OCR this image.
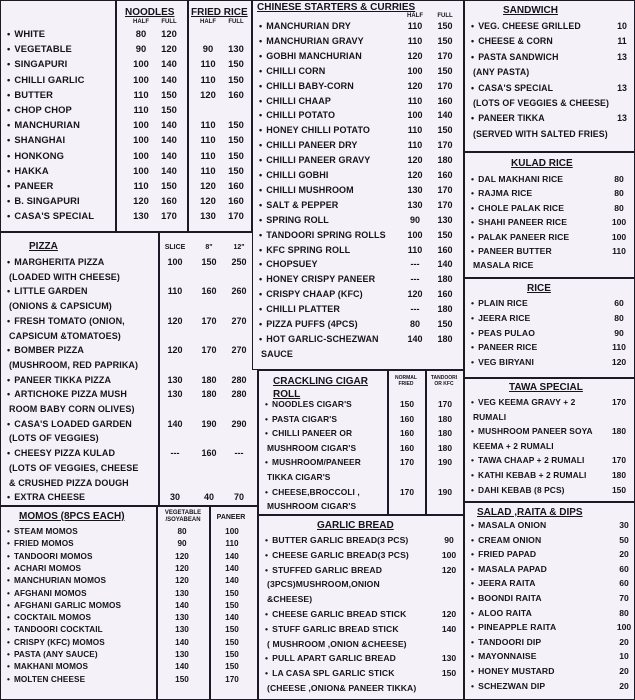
NOODLES FRIED RICE
HALF	FULL	HALF	FULL
• WHITE	80	120
• VEGETABLE	90	120	90	130
• SINGAPURI	100	140	110	150
• CHILLI GARLIC	100	140	110	150
• BUTTER	110	150	120	160
• CHOP CHOP	110	150
• MANCHURIAN	100	140	110	150
• SHANGHAI	100	140	110	150
• HONKONG	100	140	110	150
• HAKKA	100	140	110	150
• PANEER	110	150	120	160
• B. SINGAPURI	120	160	120	160
• CASA'S SPECIAL	130	170	130	170
PIZZA	SLICE	8"	12"
• MARGHERITA PIZZA	100	150	250
(LOADED WITH CHEESE)
• LITTLE GARDEN	110	160	260
(ONIONS & CAPSICUM)
• FRESH TOMATO (ONION,	120	170	270
CAPSICUM &TOMATOES)
• BOMBER PIZZA	120	170	270
(MUSHROOM, RED PAPRIKA)
• PANEER TIKKA PIZZA	130	180	280
• ARTICHOKE PIZZA MUSH	130	180	280
ROOM BABY CORN OLIVES)
• CASA'S LOADED GARDEN	140	190	290
(LOTS OF VEGGIES)
• CHEESY PIZZA KULAD	---	160	---
(LOTS OF VEGGIES, CHEESE
& CRUSHED PIZZA DOUGH
• EXTRA CHEESE	30	40	70
MOMOS (8PCS EACH)	VEGETABLE /SOYABEAN	PANEER
• STEAM MOMOS	80	100
• FRIED MOMOS	90	110
• TANDOORI MOMOS	120	140
• ACHARI MOMOS	120	140
• MANCHURIAN MOMOS	120	140
• AFGHANI MOMOS	130	150
• AFGHANI GARLIC MOMOS	140	150
• COCKTAIL MOMOS	130	140
• TANDOORI COCKTAIL	130	150
• CRISPY (KFC) MOMOS	140	150
• PASTA (ANY SAUCE)	130	150
• MAKHANI MOMOS	140	150
• MOLTEN CHEESE	150	170
CHINESE STARTERS & CURRIES
HALF	FULL
• MANCHURIAN DRY	110	150
• MANCHURIAN GRAVY	110	150
• GOBHI MANCHURIAN	120	170
• CHILLI CORN	100	150
• CHILLI BABY-CORN	120	170
• CHILLI CHAAP	110	160
• CHILLI POTATO	100	140
• HONEY CHILLI POTATO	110	150
• CHILLI PANEER DRY	110	170
• CHILLI PANEER GRAVY	120	180
• CHILLI GOBHI	120	160
• CHILLI MUSHROOM	130	170
• SALT & PEPPER	130	170
• SPRING ROLL	90	130
• TANDOORI SPRING ROLLS	100	150
• KFC SPRING ROLL	110	160
• CHOPSUEY	---	140
• HONEY CRISPY PANEER	---	180
• CRISPY CHAAP (KFC)	120	160
• CHILLI PLATTER	---	180
• PIZZA PUFFS (4PCS)	80	150
• HOT GARLIC-SCHEZWAN	140	180
SAUCE
CRACKLING CIGAR ROLL
NORMAL FRIED
TANDOORI OR KFC
• NOODLES CIGAR'S	150	170
• PASTA CIGAR'S	160	180
• CHILLI PANEER OR	160	180
MUSHROOM CIGAR'S	160	180
• MUSHROOM/PANEER	170	190
TIKKA CIGAR'S
• CHEESE,BROCCOLI ,	170	190
MUSHROOM CIGAR'S
GARLIC BREAD
• BUTTER GARLIC BREAD(3 PCS)	90
• CHEESE GARLIC BREAD(3 PCS)	100
• STUFFED GARLIC BREAD	120
(3PCS)MUSHROOM,ONION
&CHEESE)
• CHEESE GARLIC BREAD STICK	120
• STUFF GARLIC BREAD STICK	140
( MUSHROOM ,ONION &CHEESE)
• PULL APART GARLIC BREAD	130
• LA CASA SPL GARLIC STICK	150
(CHEESE ,ONION& PANEER TIKKA)
SANDWICH
• VEG. CHEESE GRILLED	10
• CHEESE & CORN	11
• PASTA SANDWICH	13
(ANY PASTA)
• CASA'S SPECIAL	13
(LOTS OF VEGGIES & CHEESE)
• PANEER TIKKA	13
(SERVED WITH SALTED FRIES)
KULAD RICE
• DAL MAKHANI RICE	80
• RAJMA RICE	80
• CHOLE PALAK RICE	80
• SHAHI PANEER RICE	100
• PALAK PANEER RICE	100
• PANEER BUTTER	110
MASALA RICE
RICE
• PLAIN RICE	60
• JEERA RICE	80
• PEAS PULAO	90
• PANEER RICE	110
• VEG BIRYANI	120
TAWA SPECIAL
• VEG KEEMA GRAVY + 2	170
RUMALI
• MUSHROOM PANEER SOYA	180
KEEMA + 2 RUMALI
• TAWA CHAAP + 2 RUMALI	170
• KATHI KEBAB + 2 RUMALI	180
• DAHI KEBAB (8 PCS)	150
SALAD ,RAITA & DIPS
• MASALA ONION	30
• CREAM ONION	50
• FRIED PAPAD	20
• MASALA PAPAD	60
• JEERA RAITA	60
• BOONDI RAITA	70
• ALOO RAITA	80
• PINEAPPLE RAITA	100
• TANDOORI DIP	20
• MAYONNAISE	10
• HONEY MUSTARD	20
• SCHEZWAN DIP	20
